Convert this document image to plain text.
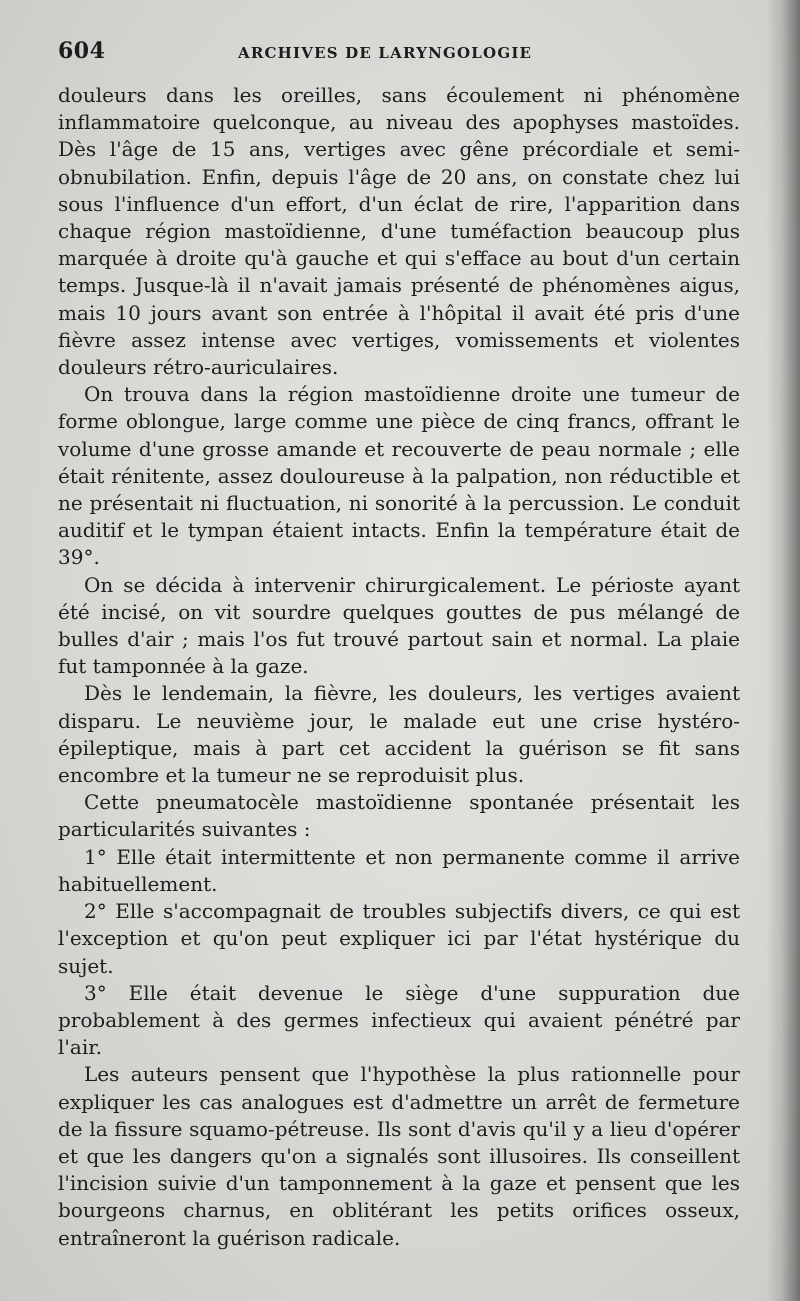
604	ARCHIVES DE LARYNGOLOGIE

douleurs dans les oreilles, sans écoulement ni phénomène inflammatoire quelconque, au niveau des apophyses mastoïdes. Dès l'âge de 15 ans, vertiges avec gêne précordiale et semi-obnubilation. Enfin, depuis l'âge de 20 ans, on constate chez lui sous l'influence d'un effort, d'un éclat de rire, l'apparition dans chaque région mastoïdienne, d'une tuméfaction beaucoup plus marquée à droite qu'à gauche et qui s'efface au bout d'un certain temps. Jusque-là il n'avait jamais présenté de phénomènes aigus, mais 10 jours avant son entrée à l'hôpital il avait été pris d'une fièvre assez intense avec vertiges, vomissements et violentes douleurs rétro-auriculaires.

On trouva dans la région mastoïdienne droite une tumeur de forme oblongue, large comme une pièce de cinq francs, offrant le volume d'une grosse amande et recouverte de peau normale ; elle était rénitente, assez douloureuse à la palpation, non réductible et ne présentait ni fluctuation, ni sonorité à la percussion. Le conduit auditif et le tympan étaient intacts. Enfin la température était de 39°.

On se décida à intervenir chirurgicalement. Le périoste ayant été incisé, on vit sourdre quelques gouttes de pus mélangé de bulles d'air ; mais l'os fut trouvé partout sain et normal. La plaie fut tamponnée à la gaze.

Dès le lendemain, la fièvre, les douleurs, les vertiges avaient disparu. Le neuvième jour, le malade eut une crise hystéro-épileptique, mais à part cet accident la guérison se fit sans encombre et la tumeur ne se reproduisit plus.

Cette pneumatocèle mastoïdienne spontanée présentait les particularités suivantes :

1° Elle était intermittente et non permanente comme il arrive habituellement.

2° Elle s'accompagnait de troubles subjectifs divers, ce qui est l'exception et qu'on peut expliquer ici par l'état hystérique du sujet.

3° Elle était devenue le siège d'une suppuration due probablement à des germes infectieux qui avaient pénétré par l'air.

Les auteurs pensent que l'hypothèse la plus rationnelle pour expliquer les cas analogues est d'admettre un arrêt de fermeture de la fissure squamo-pétreuse. Ils sont d'avis qu'il y a lieu d'opérer et que les dangers qu'on a signalés sont illusoires. Ils conseillent l'incision suivie d'un tamponnement à la gaze et pensent que les bourgeons charnus, en oblitérant les petits orifices osseux, entraîneront la guérison radicale.
